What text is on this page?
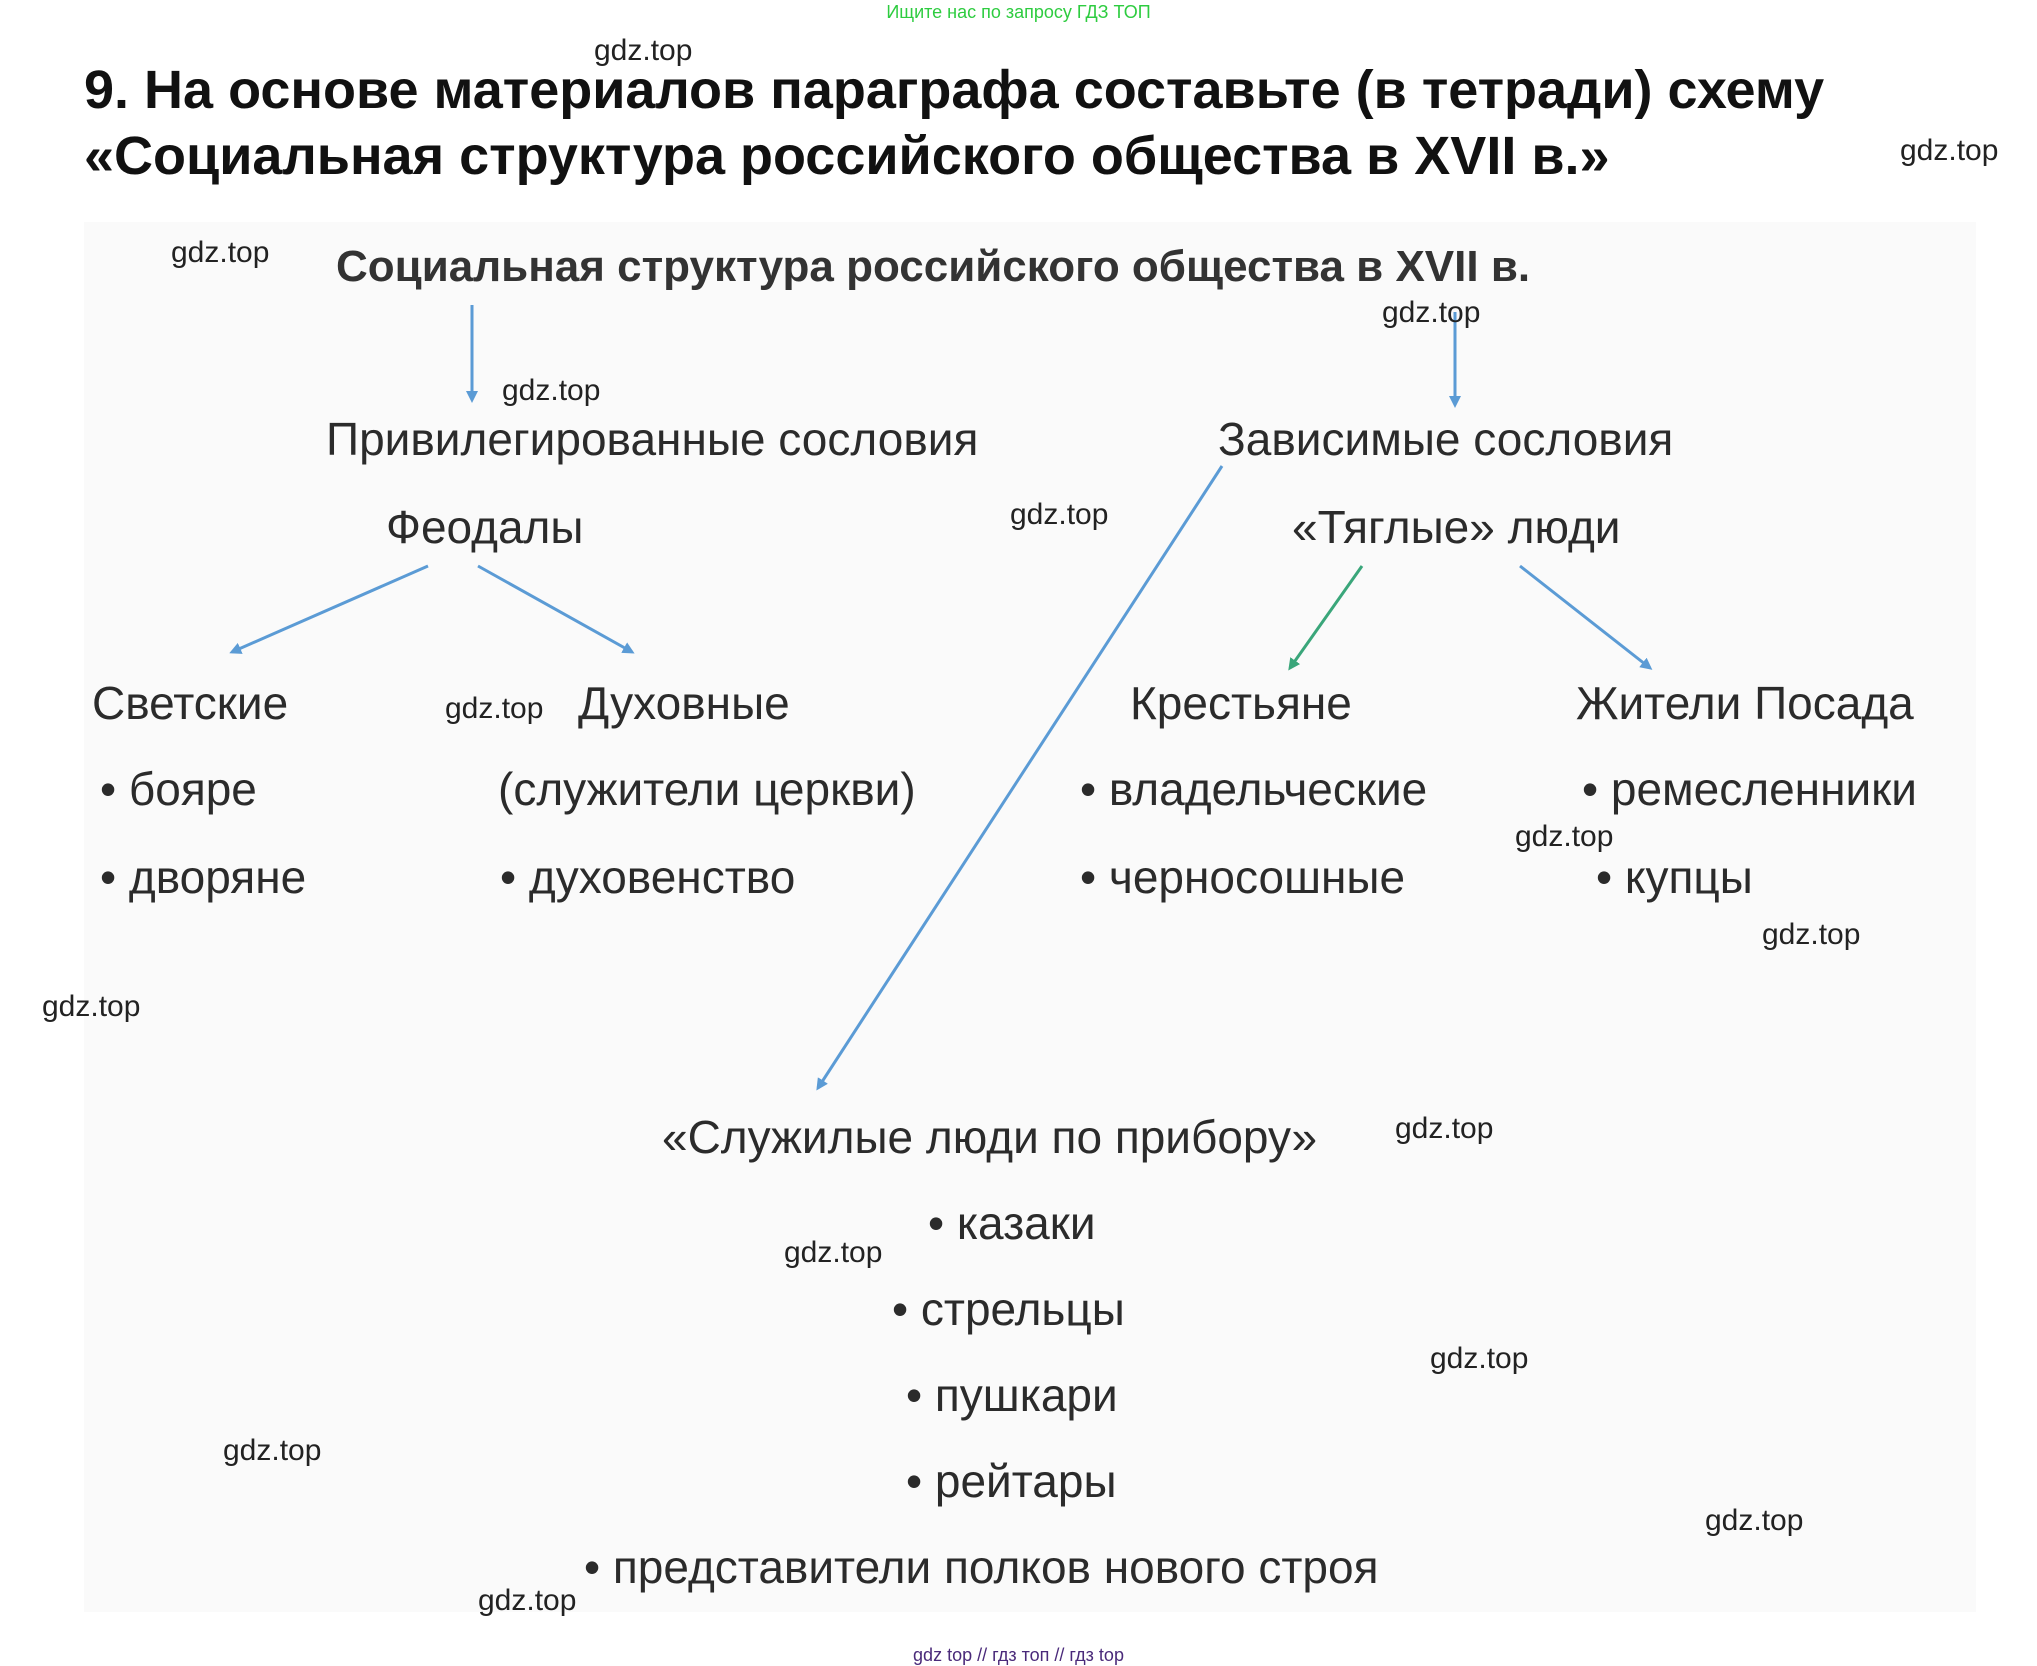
Ищите нас по запросу ГДЗ ТОП
9. На основе материалов параграфа составьте (в тетради) схему
«Социальная структура российского общества в XVII в.»
Социальная структура российского общества в XVII в.
Привилегированные сословия
Феодалы
Светские
• бояре
• дворяне
Духовные
(служители церкви)
• духовенство
Зависимые сословия
«Тяглые» люди
Крестьяне
• владельческие
• черносошные
Жители Посада
• ремесленники
• купцы
«Служилые люди по прибору»
• казаки
• стрельцы
• пушкари
• рейтары
• представители полков нового строя
gdz.top
gdz.top
gdz.top
gdz.top
gdz.top
gdz.top
gdz.top
gdz.top
gdz.top
gdz.top
gdz.top
gdz.top
gdz.top
gdz.top
gdz.top
gdz.top
gdz top // гдз топ // гдз top
